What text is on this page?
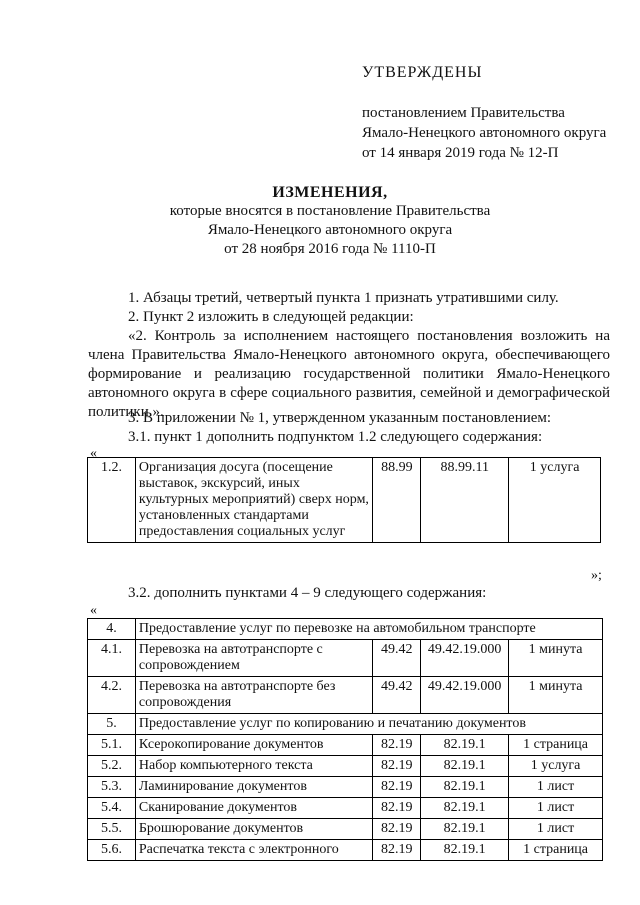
УТВЕРЖДЕНЫ
постановлением Правительства
Ямало-Ненецкого автономного округа
от 14 января 2019 года № 12-П
ИЗМЕНЕНИЯ,
которые вносятся в постановление Правительства
Ямало-Ненецкого автономного округа
от 28 ноября 2016 года № 1110-П
1. Абзацы третий, четвертый пункта 1 признать утратившими силу.
2. Пункт 2 изложить в следующей редакции:
«2. Контроль за исполнением настоящего постановления возложить на члена Правительства Ямало-Ненецкого автономного округа, обеспечивающего формирование и реализацию государственной политики Ямало-Ненецкого автономного округа в сфере социального развития, семейной и демографической политики.».
3. В приложении № 1, утвержденном указанным постановлением:
3.1. пункт 1 дополнить подпунктом 1.2 следующего содержания:
«
1.2.	Организация досуга (посещение выставок, экскурсий, иных культурных мероприятий) сверх норм, установленных стандартами предоставления социальных услуг	88.99	88.99.11	1 услуга
»;
3.2. дополнить пунктами 4 – 9 следующего содержания:
«
4.	Предоставление услуг по перевозке на автомобильном транспорте			
4.1.	Перевозка на автотранспорте с сопровождением	49.42	49.42.19.000	1 минута
4.2.	Перевозка на автотранспорте без сопровождения	49.42	49.42.19.000	1 минута
5.	Предоставление услуг по копированию и печатанию документов			
5.1.	Ксерокопирование документов	82.19	82.19.1	1 страница
5.2.	Набор компьютерного текста	82.19	82.19.1	1 услуга
5.3.	Ламинирование документов	82.19	82.19.1	1 лист
5.4.	Сканирование документов	82.19	82.19.1	1 лист
5.5.	Брошюрование документов	82.19	82.19.1	1 лист
5.6.	Распечатка текста с электронного	82.19	82.19.1	1 страница
